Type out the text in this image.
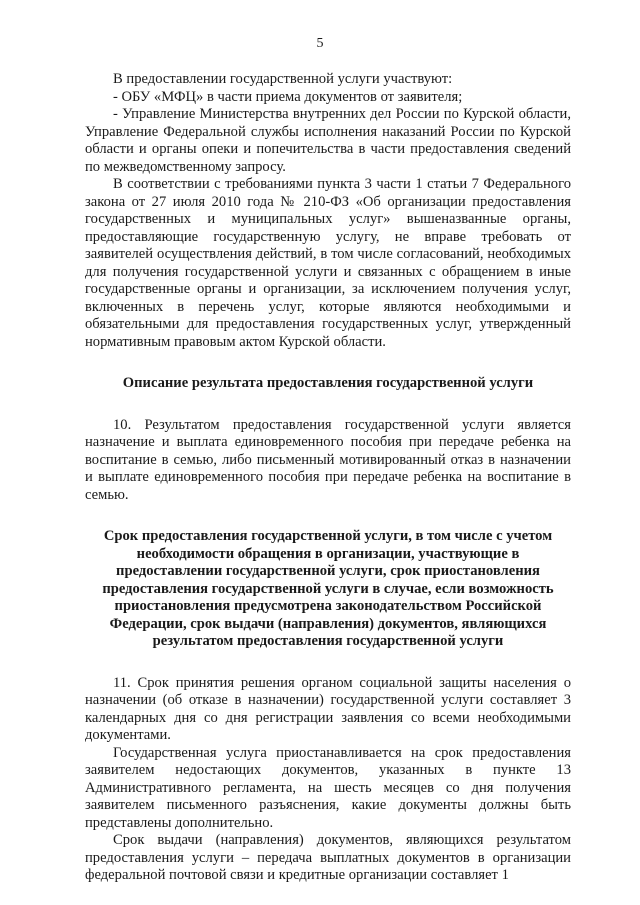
5

В предоставлении государственной услуги участвуют:

- ОБУ «МФЦ» в части приема документов от заявителя;

- Управление Министерства внутренних дел России по Курской области, Управление Федеральной службы исполнения наказаний России по Курской области и органы опеки и попечительства в части предоставления сведений по межведомственному запросу.

В соответствии с требованиями пункта 3 части 1 статьи 7 Федерального закона от 27 июля 2010 года № 210-ФЗ «Об организации предоставления государственных и муниципальных услуг» вышеназванные органы, предоставляющие государственную услугу, не вправе требовать от заявителей осуществления действий, в том числе согласований, необходимых для получения государственной услуги и связанных с обращением в иные государственные органы и организации, за исключением получения услуг, включенных в перечень услуг, которые являются необходимыми и обязательными для предоставления государственных услуг, утвержденный нормативным правовым актом Курской области.

Описание результата предоставления государственной услуги

10. Результатом предоставления государственной услуги является назначение и выплата единовременного пособия при передаче ребенка на воспитание в семью, либо письменный мотивированный отказ в назначении и выплате единовременного пособия при передаче ребенка на воспитание в семью.

Срок предоставления государственной услуги, в том числе с учетом необходимости обращения в организации, участвующие в предоставлении государственной услуги, срок приостановления предоставления государственной услуги в случае, если возможность приостановления предусмотрена законодательством Российской Федерации, срок выдачи (направления) документов, являющихся результатом предоставления государственной услуги

11. Срок принятия решения органом социальной защиты населения о назначении (об отказе в назначении) государственной услуги составляет 3 календарных дня со дня регистрации заявления со всеми необходимыми документами.

Государственная услуга приостанавливается на срок предоставления заявителем недостающих документов, указанных в пункте 13 Административного регламента, на шесть месяцев со дня получения заявителем письменного разъяснения, какие документы должны быть представлены дополнительно.

Срок выдачи (направления) документов, являющихся результатом предоставления услуги – передача выплатных документов в организации федеральной почтовой связи и кредитные организации составляет 1
